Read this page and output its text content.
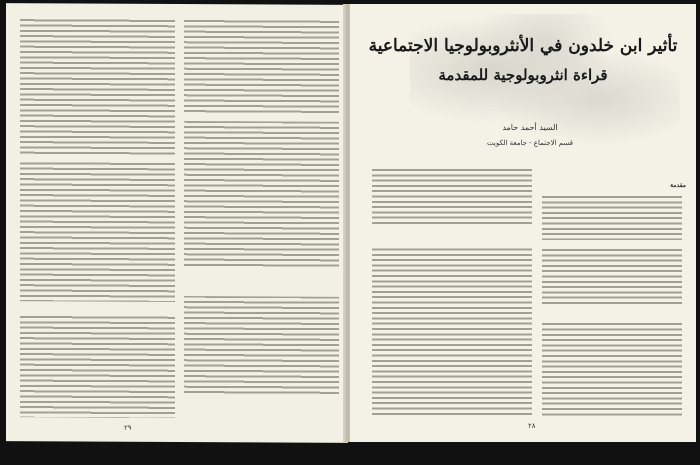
٢٩
تأثير ابن خلدون في الأنثروبولوجيا الاجتماعية
قراءة انثروبولوجية للمقدمة
السيد أحمد حامد
قسم الاجتماع - جامعة الكويت
مقدمة
٢٨
